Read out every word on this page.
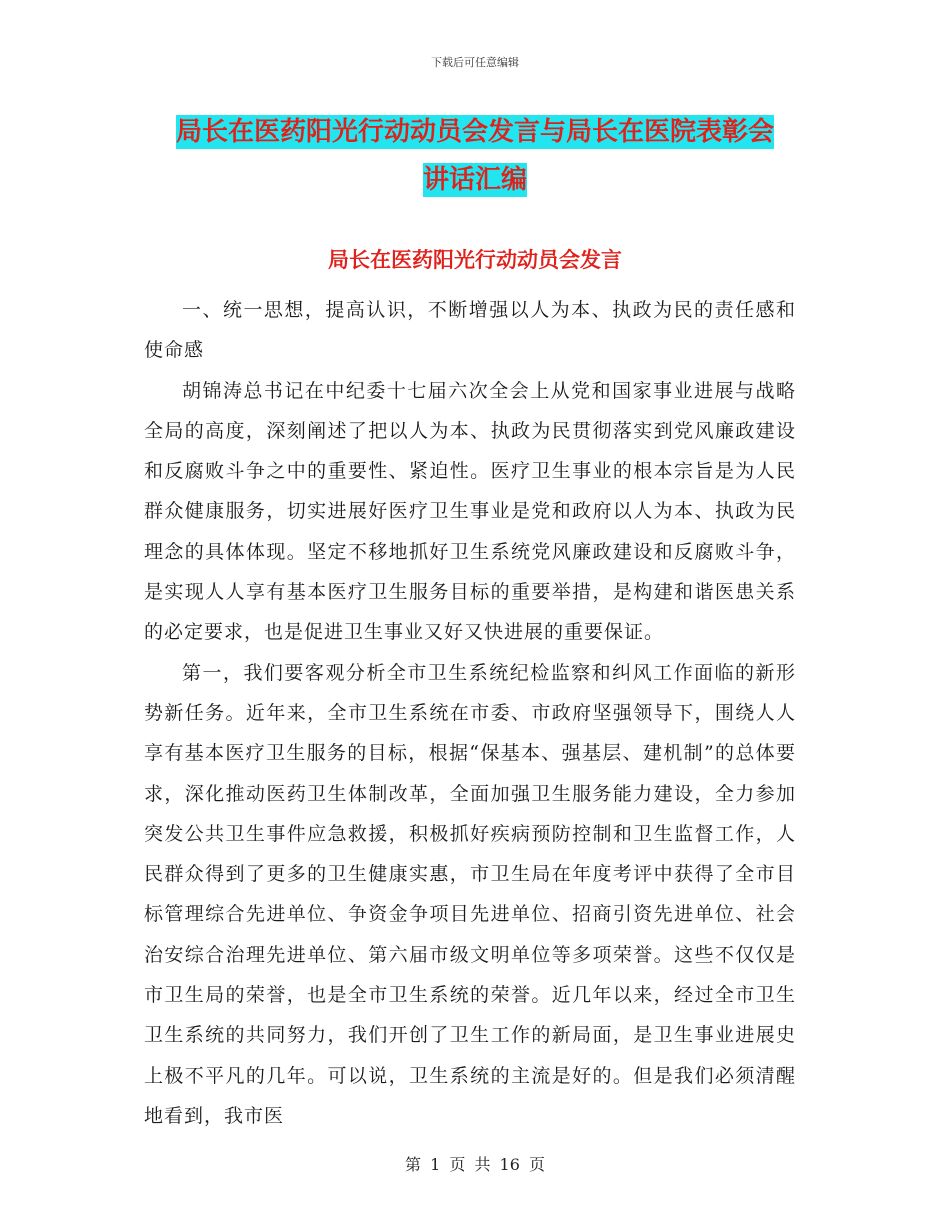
下载后可任意编辑
局长在医药阳光行动动员会发言与局长在医院表彰会
讲话汇编
局长在医药阳光行动动员会发言

一、统一思想，提高认识，不断增强以人为本、执政为民的责任感和使命感

胡锦涛总书记在中纪委十七届六次全会上从党和国家事业进展与战略全局的高度，深刻阐述了把以人为本、执政为民贯彻落实到党风廉政建设和反腐败斗争之中的重要性、紧迫性。医疗卫生事业的根本宗旨是为人民群众健康服务，切实进展好医疗卫生事业是党和政府以人为本、执政为民理念的具体体现。坚定不移地抓好卫生系统党风廉政建设和反腐败斗争，是实现人人享有基本医疗卫生服务目标的重要举措，是构建和谐医患关系的必定要求，也是促进卫生事业又好又快进展的重要保证。

第一，我们要客观分析全市卫生系统纪检监察和纠风工作面临的新形势新任务。近年来，全市卫生系统在市委、市政府坚强领导下，围绕人人享有基本医疗卫生服务的目标，根据“保基本、强基层、建机制”的总体要求，深化推动医药卫生体制改革，全面加强卫生服务能力建设，全力参加突发公共卫生事件应急救援，积极抓好疾病预防控制和卫生监督工作，人民群众得到了更多的卫生健康实惠，市卫生局在年度考评中获得了全市目标管理综合先进单位、争资金争项目先进单位、招商引资先进单位、社会治安综合治理先进单位、第六届市级文明单位等多项荣誉。这些不仅仅是市卫生局的荣誉，也是全市卫生系统的荣誉。近几年以来，经过全市卫生卫生系统的共同努力，我们开创了卫生工作的新局面，是卫生事业进展史上极不平凡的几年。可以说，卫生系统的主流是好的。但是我们必须清醒地看到，我市医

第 1 页 共 16 页
